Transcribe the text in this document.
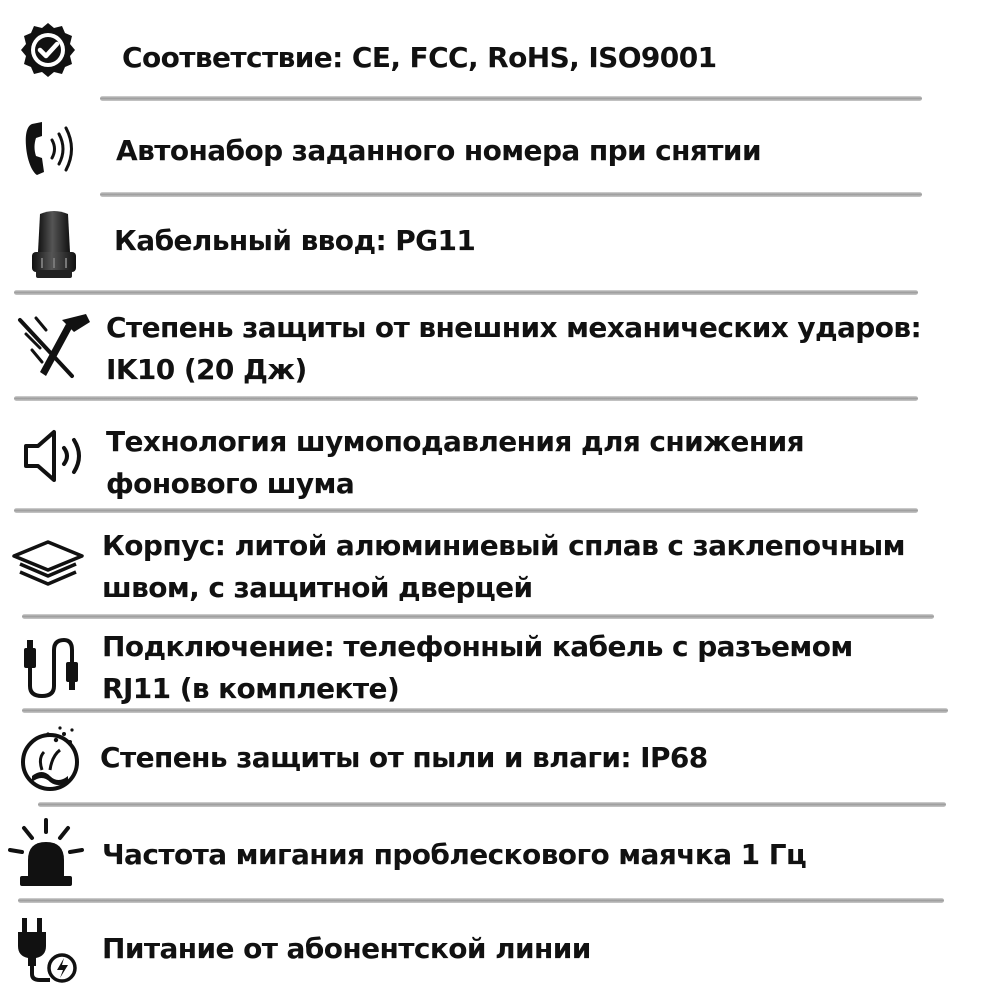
Соответствие: CE, FCC, RoHS, ISO9001
Автонабор заданного номера при снятии
Кабельный ввод: PG11
Степень защиты от внешних механических ударов:
IK10 (20 Дж)
Технология шумоподавления для снижения
фонового шума
Корпус: литой алюминиевый сплав с заклепочным
швом, с защитной дверцей
Подключение: телефонный кабель с разъемом
RJ11 (в комплекте)
Степень защиты от пыли и влаги: IP68
Частота мигания проблескового маячка 1 Гц
Питание от абонентской линии
